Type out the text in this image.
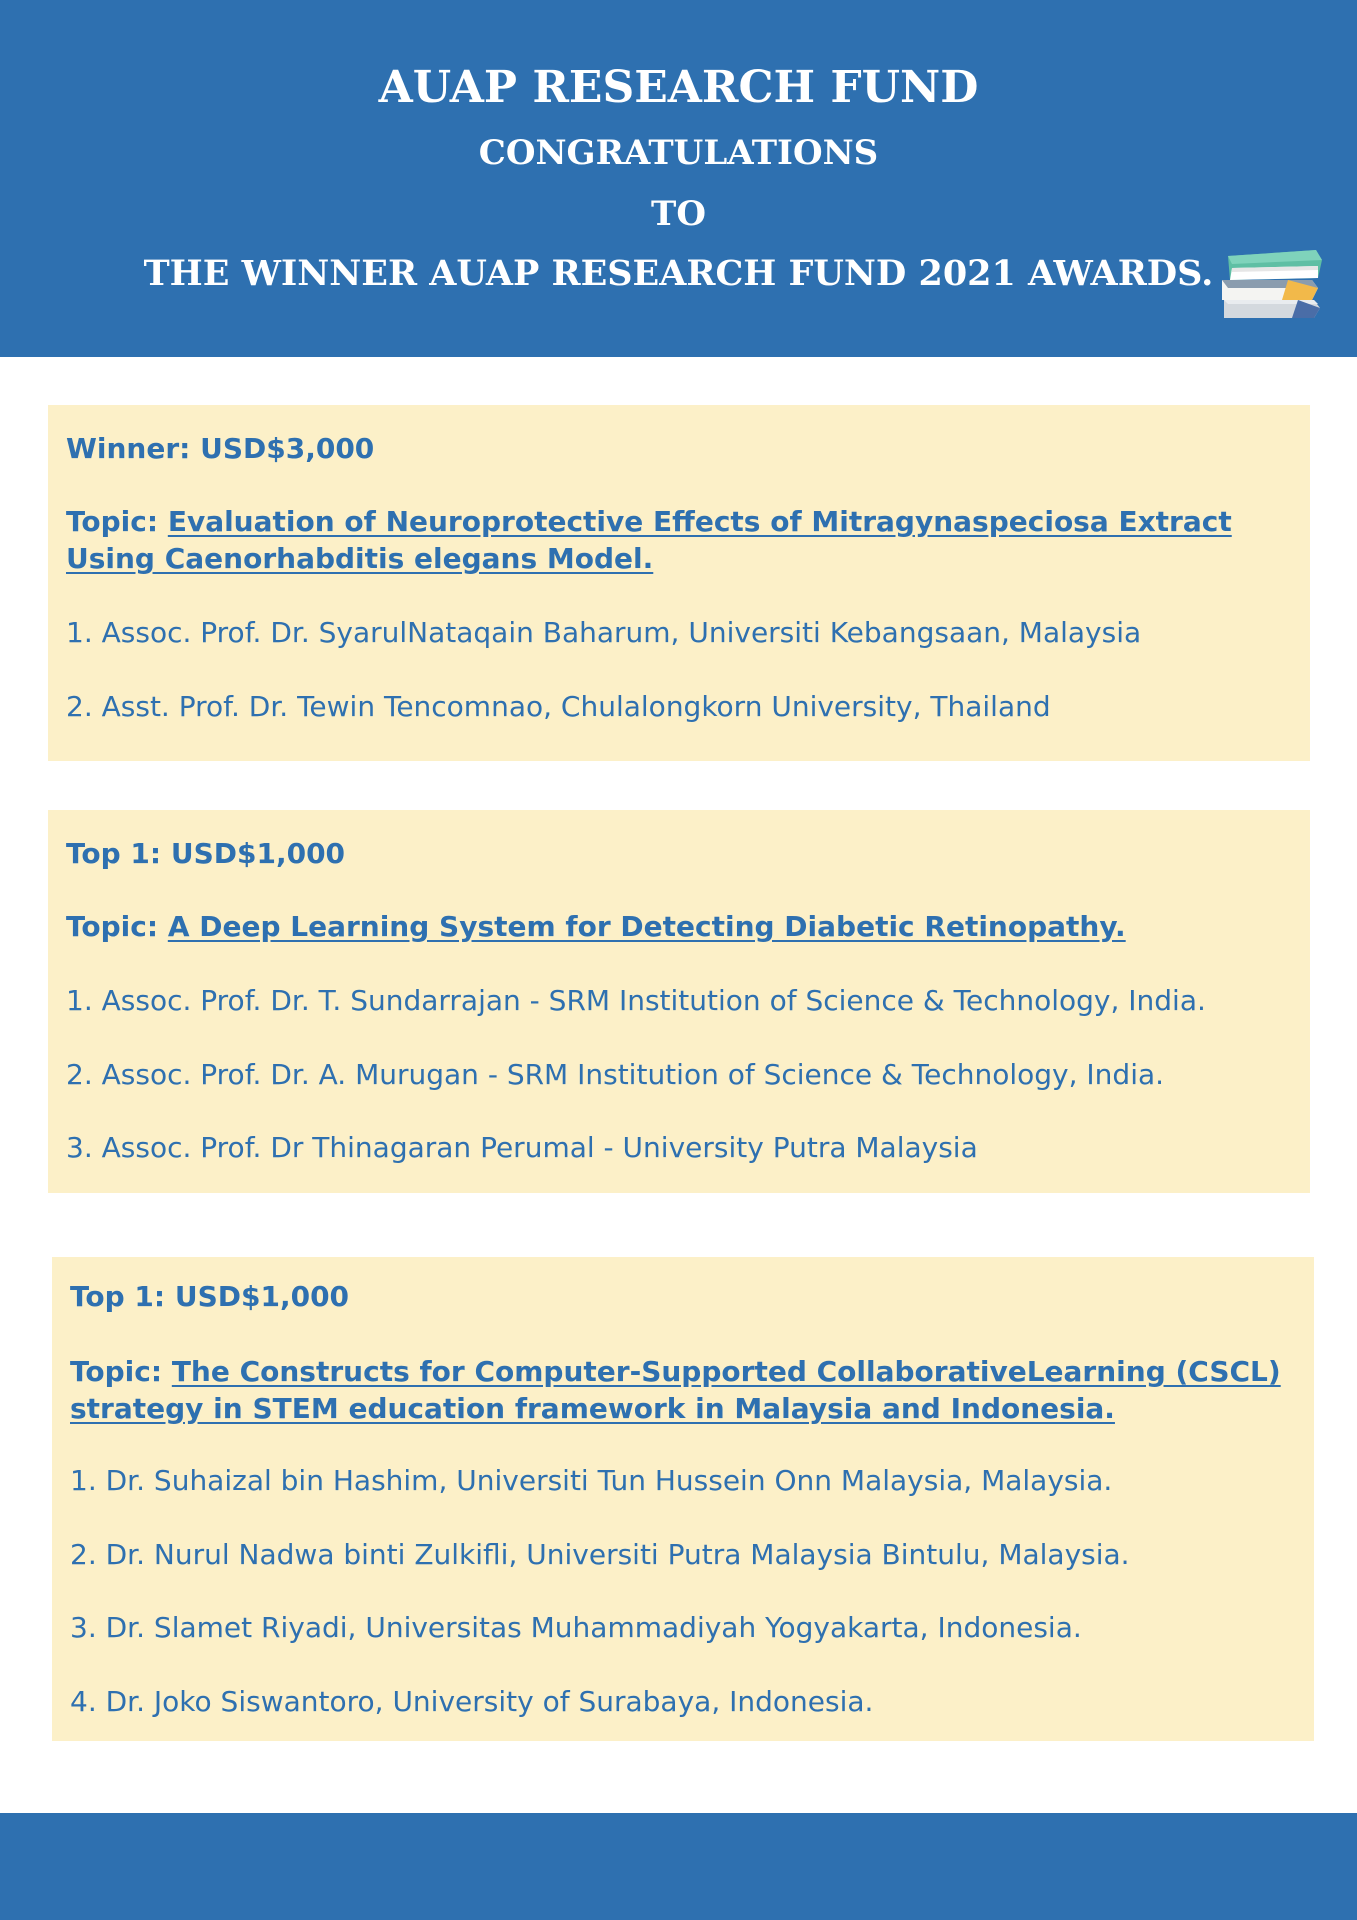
AUAP RESEARCH FUND
CONGRATULATIONS
TO
THE WINNER AUAP RESEARCH FUND 2021 AWARDS.
Winner: USD$3,000
Topic: Evaluation of Neuroprotective Effects of Mitragynaspeciosa Extract Using Caenorhabditis elegans Model.
1. Assoc. Prof. Dr. SyarulNataqain Baharum, Universiti Kebangsaan, Malaysia
2. Asst. Prof. Dr. Tewin Tencomnao, Chulalongkorn University, Thailand
Top 1: USD$1,000
Topic: A Deep Learning System for Detecting Diabetic Retinopathy.
1. Assoc. Prof. Dr. T. Sundarrajan - SRM Institution of Science & Technology, India.
2. Assoc. Prof. Dr. A. Murugan - SRM Institution of Science & Technology, India.
3. Assoc. Prof. Dr Thinagaran Perumal - University Putra Malaysia
Top 1: USD$1,000
Topic: The Constructs for Computer-Supported CollaborativeLearning (CSCL) strategy in STEM education framework in Malaysia and Indonesia.
1. Dr. Suhaizal bin Hashim, Universiti Tun Hussein Onn Malaysia, Malaysia.
2. Dr. Nurul Nadwa binti Zulkifli, Universiti Putra Malaysia Bintulu, Malaysia.
3. Dr. Slamet Riyadi, Universitas Muhammadiyah Yogyakarta, Indonesia.
4. Dr. Joko Siswantoro, University of Surabaya, Indonesia.
